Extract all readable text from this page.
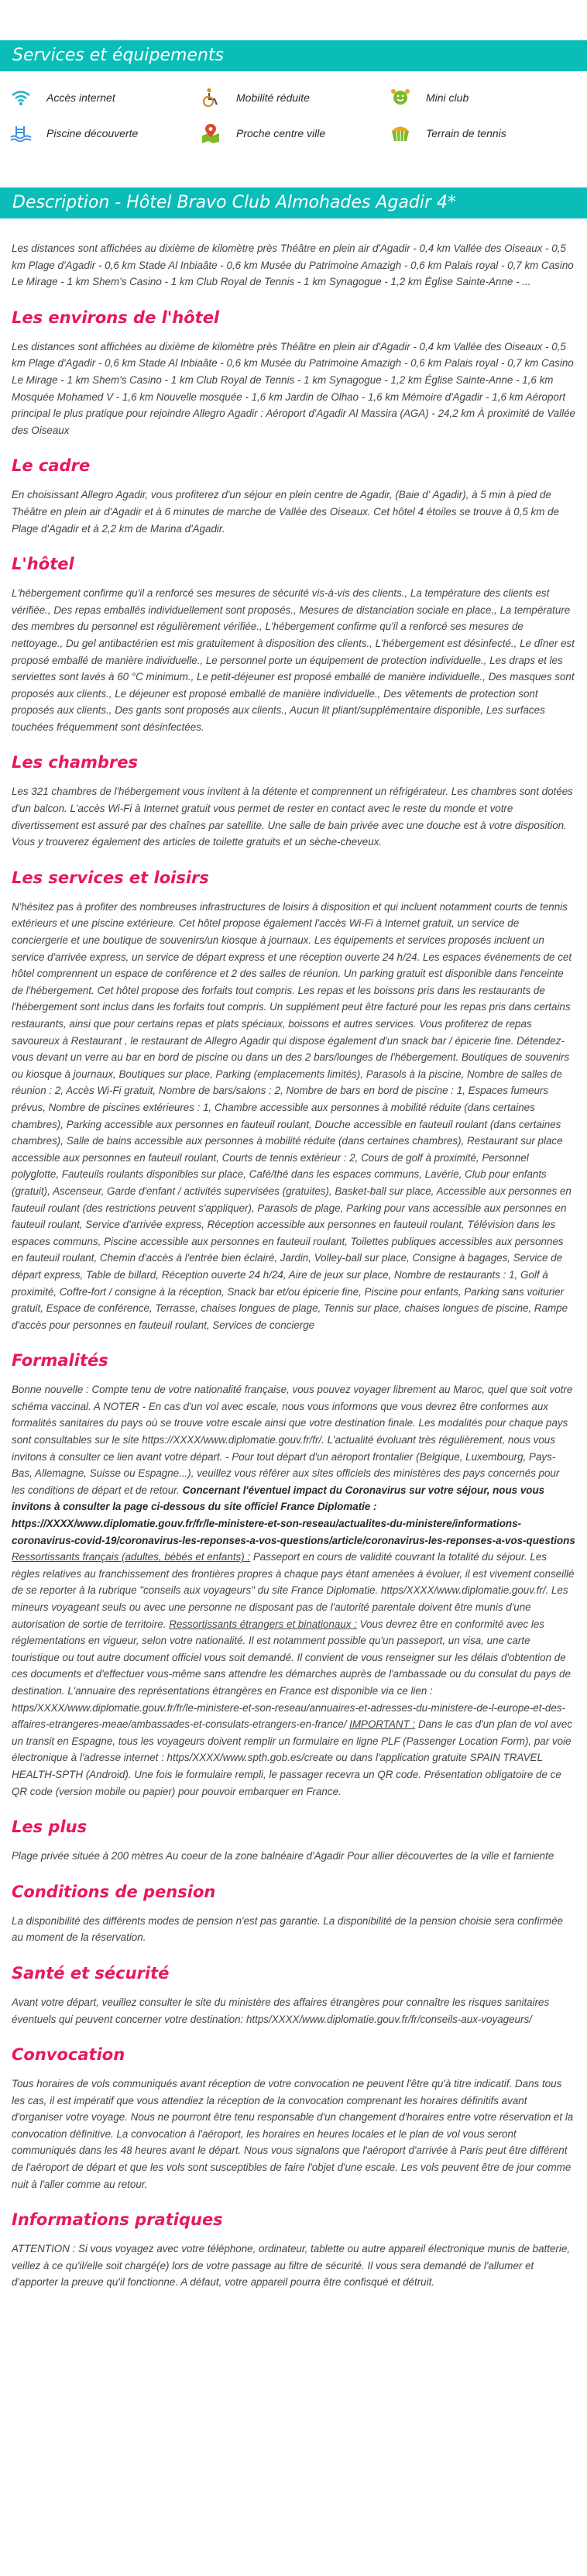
Services et équipements
Accès internet	Mobilité réduite	Mini club
Piscine découverte	Proche centre ville	Terrain de tennis
Description - Hôtel Bravo Club Almohades Agadir 4*

Les distances sont affichées au dixième de kilomètre près Théâtre en plein air d'Agadir - 0,4 km Vallée des Oiseaux - 0,5 km Plage d'Agadir - 0,6 km Stade Al Inbiaâte - 0,6 km Musée du Patrimoine Amazigh - 0,6 km Palais royal - 0,7 km Casino Le Mirage - 1 km Shem's Casino - 1 km Club Royal de Tennis - 1 km Synagogue - 1,2 km Église Sainte-Anne - ...

Les environs de l'hôtel

Les distances sont affichées au dixième de kilomètre près Théâtre en plein air d'Agadir - 0,4 km Vallée des Oiseaux - 0,5 km Plage d'Agadir - 0,6 km Stade Al Inbiaâte - 0,6 km Musée du Patrimoine Amazigh - 0,6 km Palais royal - 0,7 km Casino Le Mirage - 1 km Shem's Casino - 1 km Club Royal de Tennis - 1 km Synagogue - 1,2 km Église Sainte-Anne - 1,6 km Mosquée Mohamed V - 1,6 km Nouvelle mosquée - 1,6 km Jardin de Olhao - 1,6 km Mémoire d'Agadir - 1,6 km Aéroport principal le plus pratique pour rejoindre Allegro Agadir : Aéroport d'Agadir Al Massira (AGA) - 24,2 km À proximité de Vallée des Oiseaux

Le cadre

En choisissant Allegro Agadir, vous profiterez d'un séjour en plein centre de Agadir, (Baie d' Agadir), à 5 min à pied de Théâtre en plein air d'Agadir et à 6 minutes de marche de Vallée des Oiseaux. Cet hôtel 4 étoiles se trouve à 0,5 km de Plage d'Agadir et à 2,2 km de Marina d'Agadir.

L'hôtel

L'hébergement confirme qu'il a renforcé ses mesures de sécurité vis-à-vis des clients., La température des clients est vérifiée., Des repas emballés individuellement sont proposés., Mesures de distanciation sociale en place., La température des membres du personnel est régulièrement vérifiée., L'hébergement confirme qu'il a renforcé ses mesures de nettoyage., Du gel antibactérien est mis gratuitement à disposition des clients., L'hébergement est désinfecté., Le dîner est proposé emballé de manière individuelle., Le personnel porte un équipement de protection individuelle., Les draps et les serviettes sont lavés à 60 °C minimum., Le petit-déjeuner est proposé emballé de manière individuelle., Des masques sont proposés aux clients., Le déjeuner est proposé emballé de manière individuelle., Des vêtements de protection sont proposés aux clients., Des gants sont proposés aux clients., Aucun lit pliant/supplémentaire disponible, Les surfaces touchées fréquemment sont désinfectées.

Les chambres

Les 321 chambres de l'hébergement vous invitent à la détente et comprennent un réfrigérateur. Les chambres sont dotées d'un balcon. L'accès Wi-Fi à Internet gratuit vous permet de rester en contact avec le reste du monde et votre divertissement est assuré par des chaînes par satellite. Une salle de bain privée avec une douche est à votre disposition. Vous y trouverez également des articles de toilette gratuits et un sèche-cheveux.

Les services et loisirs

N'hésitez pas à profiter des nombreuses infrastructures de loisirs à disposition et qui incluent notamment courts de tennis extérieurs et une piscine extérieure. Cet hôtel propose également l'accès Wi-Fi à Internet gratuit, un service de conciergerie et une boutique de souvenirs/un kiosque à journaux. Les équipements et services proposés incluent un service d'arrivée express, un service de départ express et une réception ouverte 24 h/24. Les espaces événements de cet hôtel comprennent un espace de conférence et 2 des salles de réunion. Un parking gratuit est disponible dans l'enceinte de l'hébergement. Cet hôtel propose des forfaits tout compris. Les repas et les boissons pris dans les restaurants de l'hébergement sont inclus dans les forfaits tout compris. Un supplément peut être facturé pour les repas pris dans certains restaurants, ainsi que pour certains repas et plats spéciaux, boissons et autres services. Vous profiterez de repas savoureux à Restaurant , le restaurant de Allegro Agadir qui dispose également d'un snack bar / épicerie fine. Détendez-vous devant un verre au bar en bord de piscine ou dans un des 2 bars/lounges de l'hébergement. Boutiques de souvenirs ou kiosque à journaux, Boutiques sur place, Parking (emplacements limités), Parasols à la piscine, Nombre de salles de réunion : 2, Accès Wi-Fi gratuit, Nombre de bars/salons : 2, Nombre de bars en bord de piscine : 1, Espaces fumeurs prévus, Nombre de piscines extérieures : 1, Chambre accessible aux personnes à mobilité réduite (dans certaines chambres), Parking accessible aux personnes en fauteuil roulant, Douche accessible en fauteuil roulant (dans certaines chambres), Salle de bains accessible aux personnes à mobilité réduite (dans certaines chambres), Restaurant sur place accessible aux personnes en fauteuil roulant, Courts de tennis extérieur : 2, Cours de golf à proximité, Personnel polyglotte, Fauteuils roulants disponibles sur place, Café/thé dans les espaces communs, Lavérie, Club pour enfants (gratuit), Ascenseur, Garde d'enfant / activités supervisées (gratuites), Basket-ball sur place, Accessible aux personnes en fauteuil roulant (des restrictions peuvent s'appliquer), Parasols de plage, Parking pour vans accessible aux personnes en fauteuil roulant, Service d'arrivée express, Réception accessible aux personnes en fauteuil roulant, Télévision dans les espaces communs, Piscine accessible aux personnes en fauteuil roulant, Toilettes publiques accessibles aux personnes en fauteuil roulant, Chemin d'accès à l'entrée bien éclairé, Jardin, Volley-ball sur place, Consigne à bagages, Service de départ express, Table de billard, Réception ouverte 24 h/24, Aire de jeux sur place, Nombre de restaurants : 1, Golf à proximité, Coffre-fort / consigne à la réception, Snack bar et/ou épicerie fine, Piscine pour enfants, Parking sans voiturier gratuit, Espace de conférence, Terrasse, chaises longues de plage, Tennis sur place, chaises longues de piscine, Rampe d'accès pour personnes en fauteuil roulant, Services de concierge

Formalités

Bonne nouvelle : Compte tenu de votre nationalité française, vous pouvez voyager librement au Maroc, quel que soit votre schéma vaccinal. A NOTER - En cas d'un vol avec escale, nous vous informons que vous devrez être conformes aux formalités sanitaires du pays où se trouve votre escale ainsi que votre destination finale. Les modalités pour chaque pays sont consultables sur le site https://XXXX/www.diplomatie.gouv.fr/fr/. L'actualité évoluant très régulièrement, nous vous invitons à consulter ce lien avant votre départ. - Pour tout départ d'un aéroport frontalier (Belgique, Luxembourg, Pays-Bas, Allemagne, Suisse ou Espagne...), veuillez vous référer aux sites officiels des ministères des pays concernés pour les conditions de départ et de retour. Concernant l'éventuel impact du Coronavirus sur votre séjour, nous vous invitons à consulter la page ci-dessous du site officiel France Diplomatie : https://XXXX/www.diplomatie.gouv.fr/fr/le-ministere-et-son-reseau/actualites-du-ministere/informations-coronavirus-covid-19/coronavirus-les-reponses-a-vos-questions/article/coronavirus-les-reponses-a-vos-questions Ressortissants français (adultes, bébés et enfants) : Passeport en cours de validité couvrant la totalité du séjour. Les règles relatives au franchissement des frontières propres à chaque pays étant amenées à évoluer, il est vivement conseillé de se reporter à la rubrique "conseils aux voyageurs" du site France Diplomatie. https/XXXX/www.diplomatie.gouv.fr/. Les mineurs voyageant seuls ou avec une personne ne disposant pas de l'autorité parentale doivent être munis d'une autorisation de sortie de territoire. Ressortissants étrangers et binationaux : Vous devrez être en conformité avec les réglementations en vigueur, selon votre nationalité. Il est notamment possible qu'un passeport, un visa, une carte touristique ou tout autre document officiel vous soit demandé. Il convient de vous renseigner sur les délais d'obtention de ces documents et d'effectuer vous-même sans attendre les démarches auprès de l'ambassade ou du consulat du pays de destination. L'annuaire des représentations étrangères en France est disponible via ce lien : https/XXXX/www.diplomatie.gouv.fr/fr/le-ministere-et-son-reseau/annuaires-et-adresses-du-ministere-de-l-europe-et-des-affaires-etrangeres-meae/ambassades-et-consulats-etrangers-en-france/ IMPORTANT : Dans le cas d'un plan de vol avec un transit en Espagne, tous les voyageurs doivent remplir un formulaire en ligne PLF (Passenger Location Form), par voie électronique à l'adresse internet : https/XXXX/www.spth.gob.es/create ou dans l'application gratuite SPAIN TRAVEL HEALTH-SPTH (Android). Une fois le formulaire rempli, le passager recevra un QR code. Présentation obligatoire de ce QR code (version mobile ou papier) pour pouvoir embarquer en France.

Les plus

Plage privée située à 200 mètres Au coeur de la zone balnéaire d'Agadir Pour allier découvertes de la ville et farniente

Conditions de pension

La disponibilité des différents modes de pension n'est pas garantie. La disponibilité de la pension choisie sera confirmée au moment de la réservation.

Santé et sécurité

Avant votre départ, veuillez consulter le site du ministère des affaires étrangères pour connaître les risques sanitaires éventuels qui peuvent concerner votre destination: https/XXXX/www.diplomatie.gouv.fr/fr/conseils-aux-voyageurs/

Convocation

Tous horaires de vols communiqués avant réception de votre convocation ne peuvent l'être qu'à titre indicatif. Dans tous les cas, il est impératif que vous attendiez la réception de la convocation comprenant les horaires définitifs avant d'organiser votre voyage. Nous ne pourront être tenu responsable d'un changement d'horaires entre votre réservation et la convocation définitive. La convocation à l'aéroport, les horaires en heures locales et le plan de vol vous seront communiqués dans les 48 heures avant le départ. Nous vous signalons que l'aéroport d'arrivée à Paris peut être différent de l'aéroport de départ et que les vols sont susceptibles de faire l'objet d'une escale. Les vols peuvent être de jour comme nuit à l'aller comme au retour.

Informations pratiques

ATTENTION : Si vous voyagez avec votre téléphone, ordinateur, tablette ou autre appareil électronique munis de batterie, veillez à ce qu'il/elle soit chargé(e) lors de votre passage au filtre de sécurité. Il vous sera demandé de l'allumer et d'apporter la preuve qu'il fonctionne. A défaut, votre appareil pourra être confisqué et détruit.
